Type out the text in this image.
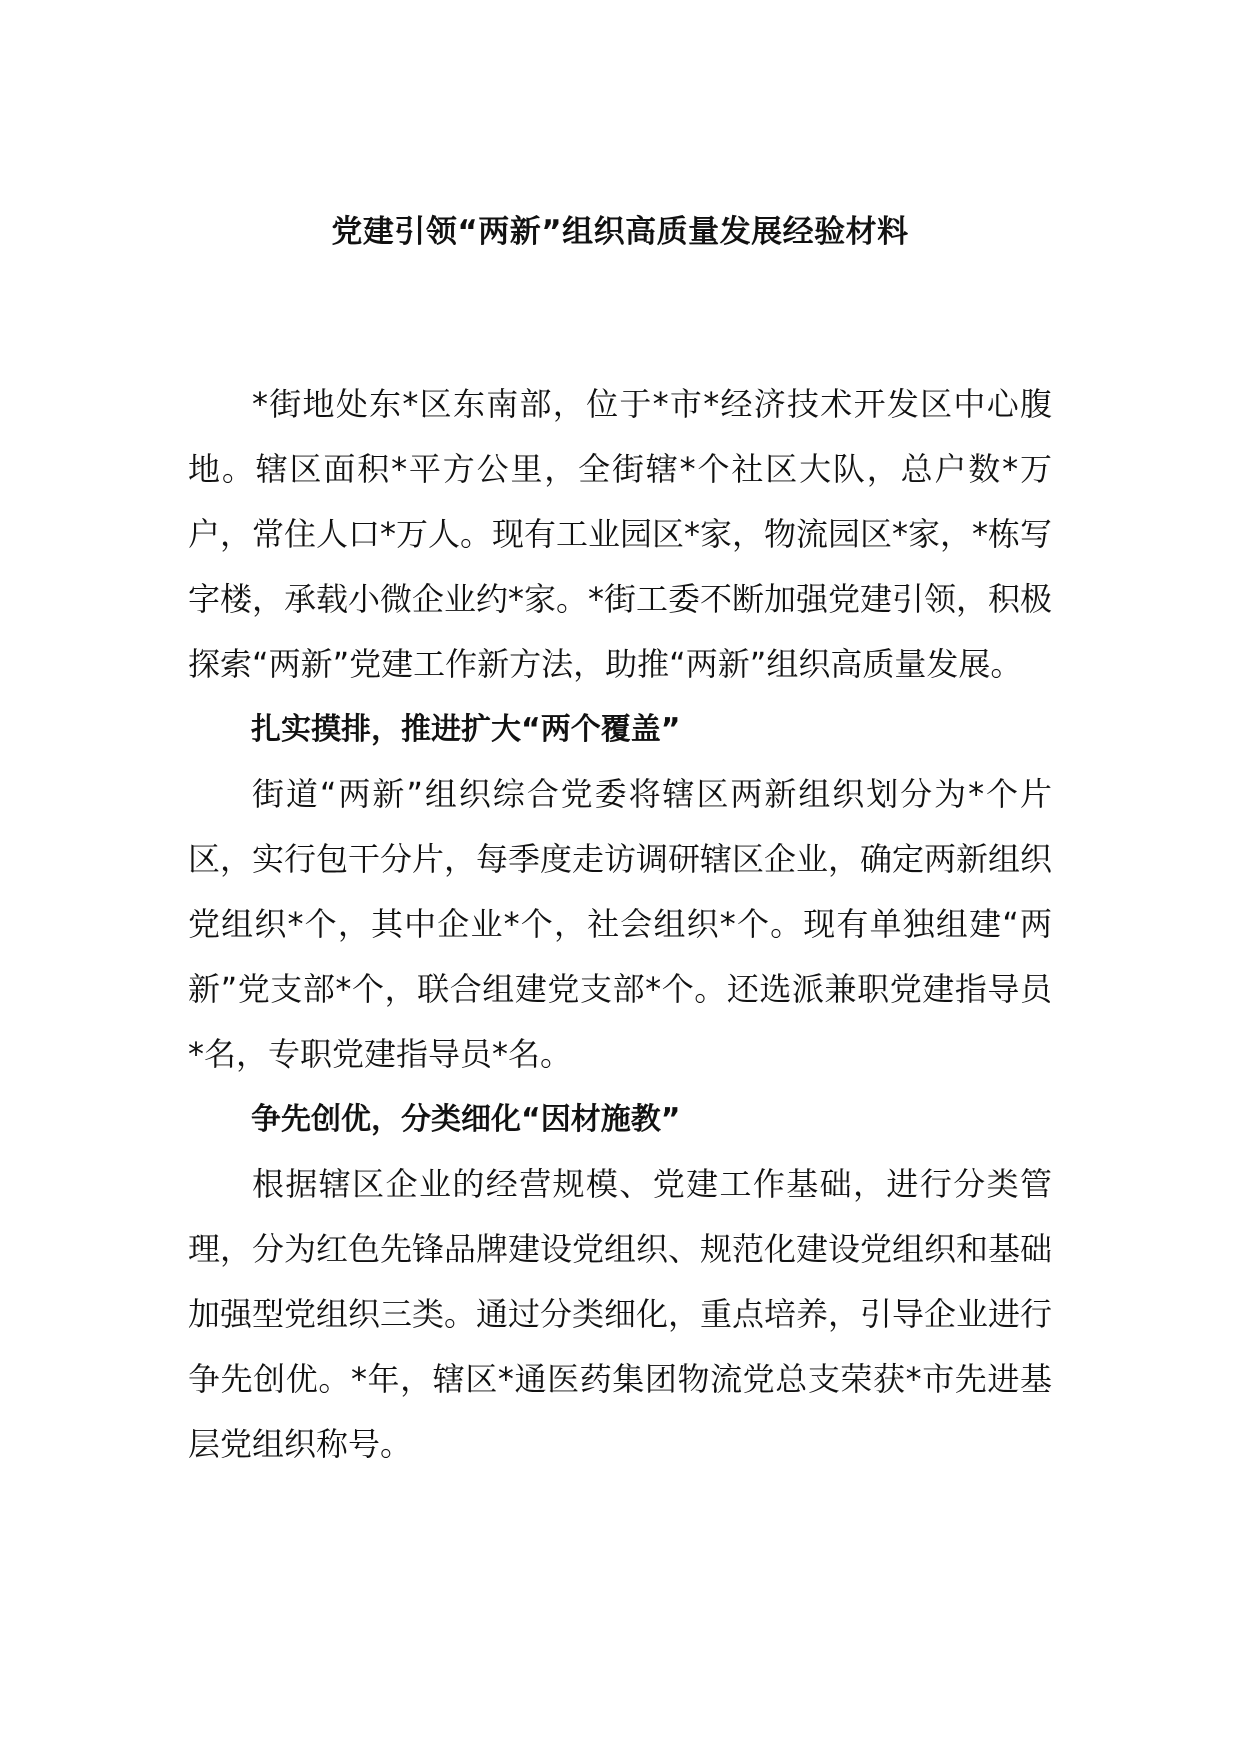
党建引领“两新”组织高质量发展经验材料

*街地处东*区东南部，位于*市*经济技术开发区中心腹地。辖区面积*平方公里，全街辖*个社区大队，总户数*万户，常住人口*万人。现有工业园区*家，物流园区*家，*栋写字楼，承载小微企业约*家。*街工委不断加强党建引领，积极探索“两新”党建工作新方法，助推“两新”组织高质量发展。

扎实摸排，推进扩大“两个覆盖”

街道“两新”组织综合党委将辖区两新组织划分为*个片区，实行包干分片，每季度走访调研辖区企业，确定两新组织党组织*个，其中企业*个，社会组织*个。现有单独组建“两新”党支部*个，联合组建党支部*个。还选派兼职党建指导员*名，专职党建指导员*名。

争先创优，分类细化“因材施教”

根据辖区企业的经营规模、党建工作基础，进行分类管理，分为红色先锋品牌建设党组织、规范化建设党组织和基础加强型党组织三类。通过分类细化，重点培养，引导企业进行争先创优。*年，辖区*通医药集团物流党总支荣获*市先进基层党组织称号。
